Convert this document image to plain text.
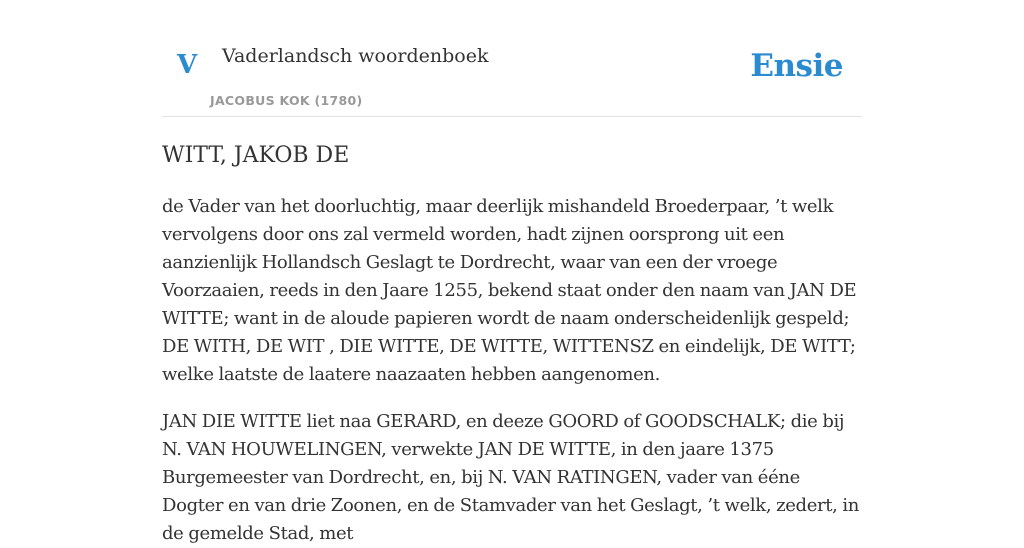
V Vaderlandsch woordenboek
JACOBUS KOK (1780)
Ensie
WITT, JAKOB DE

de Vader van het doorluchtig, maar deerlijk mishandeld Broederpaar, ’t welk vervolgens door ons zal vermeld worden, hadt zijnen oorsprong uit een aanzienlijk Hollandsch Geslagt te Dordrecht, waar van een der vroege Voorzaaien, reeds in den Jaare 1255, bekend staat onder den naam van JAN DE WITTE; want in de aloude papieren wordt de naam onderscheidenlijk gespeld; DE WITH, DE WIT , DIE WITTE, DE WITTE, WITTENSZ en eindelijk, DE WITT; welke laatste de laatere naazaaten hebben aangenomen.

JAN DIE WITTE liet naa GERARD, en deeze GOORD of GOODSCHALK; die bij N. VAN HOUWELINGEN, verwekte JAN DE WITTE, in den jaare 1375 Burgemeester van Dordrecht, en, bij N. VAN RATINGEN, vader van ééne Dogter en van drie Zoonen, en de Stamvader van het Geslagt, ’t welk, zedert, in de gemelde Stad, met
